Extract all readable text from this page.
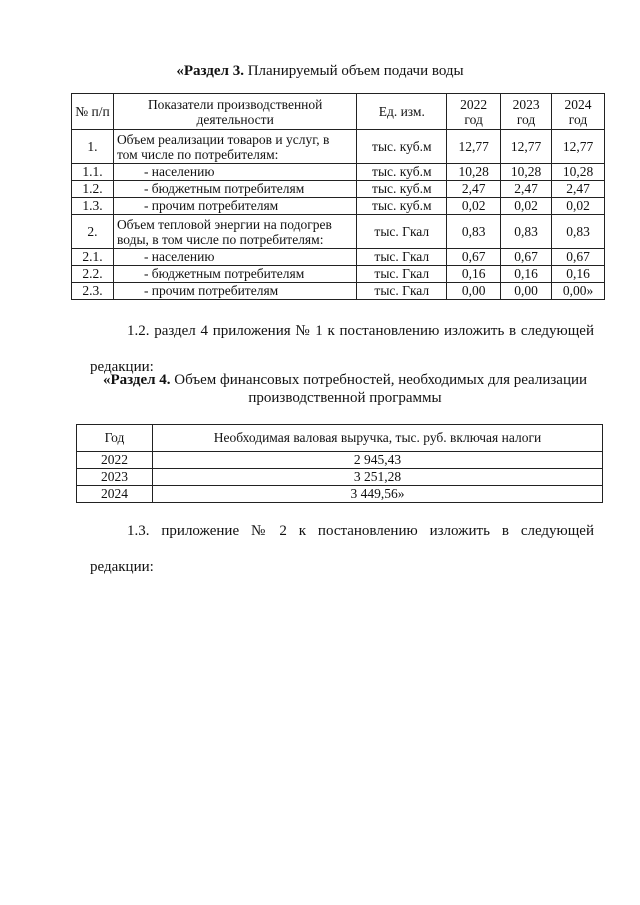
«Раздел 3. Планируемый объем подачи воды
№ п/п	Показатели производственной деятельности	Ед. изм.	2022 год	2023 год	2024 год
1.	Объем реализации товаров и услуг, в том числе по потребителям:	тыс. куб.м	12,77	12,77	12,77
1.1.	- населению	тыс. куб.м	10,28	10,28	10,28
1.2.	- бюджетным потребителям	тыс. куб.м	2,47	2,47	2,47
1.3.	- прочим потребителям	тыс. куб.м	0,02	0,02	0,02
2.	Объем тепловой энергии на подогрев воды, в том числе по потребителям:	тыс. Гкал	0,83	0,83	0,83
2.1.	- населению	тыс. Гкал	0,67	0,67	0,67
2.2.	- бюджетным потребителям	тыс. Гкал	0,16	0,16	0,16
2.3.	- прочим потребителям	тыс. Гкал	0,00	0,00	0,00»
1.2. раздел 4 приложения № 1 к постановлению изложить в следующей
редакции:
«Раздел 4. Объем финансовых потребностей, необходимых для реализации производственной программы
Год	Необходимая валовая выручка, тыс. руб. включая налоги
2022	2 945,43
2023	3 251,28
2024	3 449,56»
1.3. приложение № 2 к постановлению изложить в следующей
редакции:
